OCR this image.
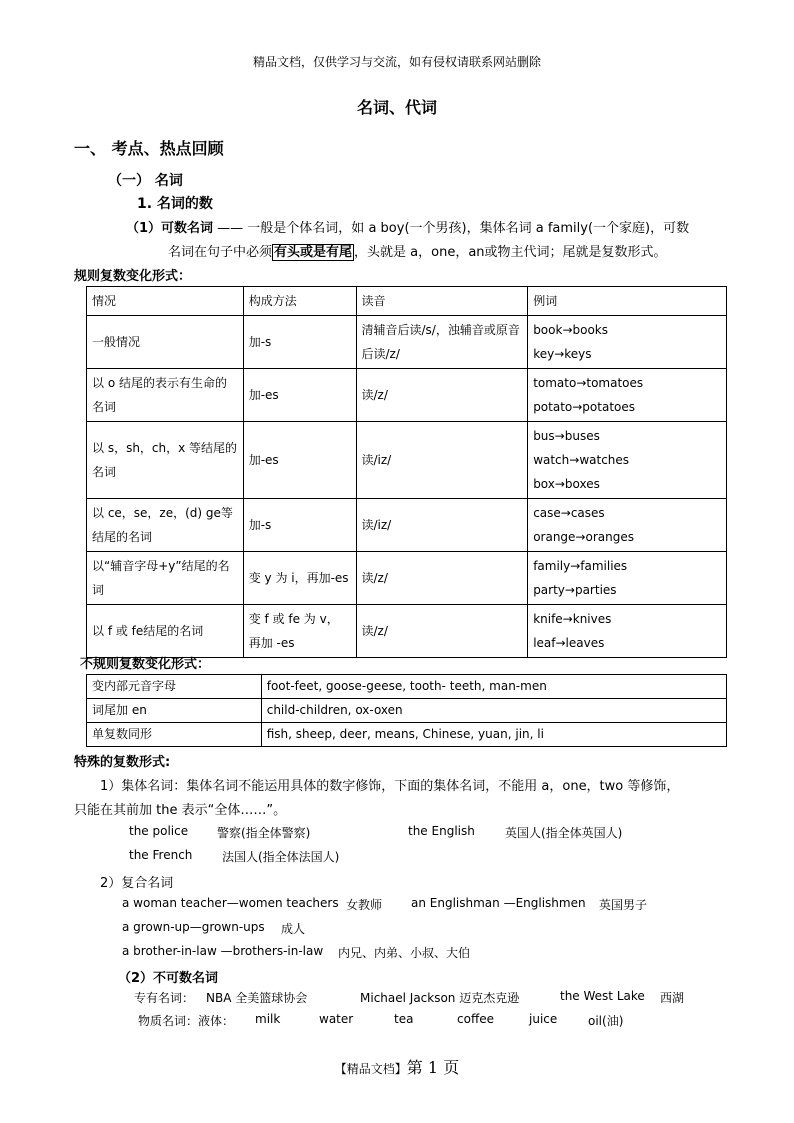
精品文档，仅供学习与交流，如有侵权请联系网站删除
名词、代词
一、 考点、热点回顾
（一） 名词
1. 名词的数
（1）可数名词 —— 一般是个体名词，如 a boy(一个男孩)，集体名词 a family(一个家庭)，可数
名词在句子中必须 有头或是有尾 ，头就是 a，one，an或物主代词；尾就是复数形式。
规则复数变化形式：
情况	构成方法	读音	例词
一般情况	加-s	清辅音后读/s/，浊辅音或原音后读/z/	book→books
key→keys
以 o 结尾的表示有生命的名词	加-es	读/z/	tomato→tomatoes
potato→potatoes
以 s，sh，ch，x 等结尾的名词	加-es	读/iz/	bus→buses
watch→watches
box→boxes
以 ce，se，ze，(d) ge等结尾的名词	加-s	读/iz/	case→cases
orange→oranges
以“辅音字母+y”结尾的名词	变 y 为 i，再加-es	读/z/	family→families
party→parties
以 f 或 fe结尾的名词	变 f 或 fe 为 v，再加 -es	读/z/	knife→knives
leaf→leaves
不规则复数变化形式：
变内部元音字母	foot-feet, goose-geese, tooth- teeth, man-men
词尾加 en	child-children, ox-oxen
单复数同形	fish, sheep, deer, means, Chinese, yuan, jin, li
特殊的复数形式:
1）集体名词：集体名词不能运用具体的数字修饰，下面的集体名词，不能用 a，one，two 等修饰，
只能在其前加 the 表示“全体……”。
the police 警察(指全体警察)	the English	英国人(指全体英国人)
the French 法国人(指全体法国人)
2）复合名词
a woman teacher—women teachers 女教师 an Englishman —Englishmen 英国男子
a grown-up—grown-ups 成人
a brother-in-law —brothers-in-law 内兄、内弟、小叔、大伯
（2）不可数名词
专有名词： NBA 全美篮球协会	Michael Jackson 迈克杰克逊	the West Lake 西湖
物质名词：液体： milk	water	tea	coffee	juice	oil(油)
【精品文档】第 1 页
